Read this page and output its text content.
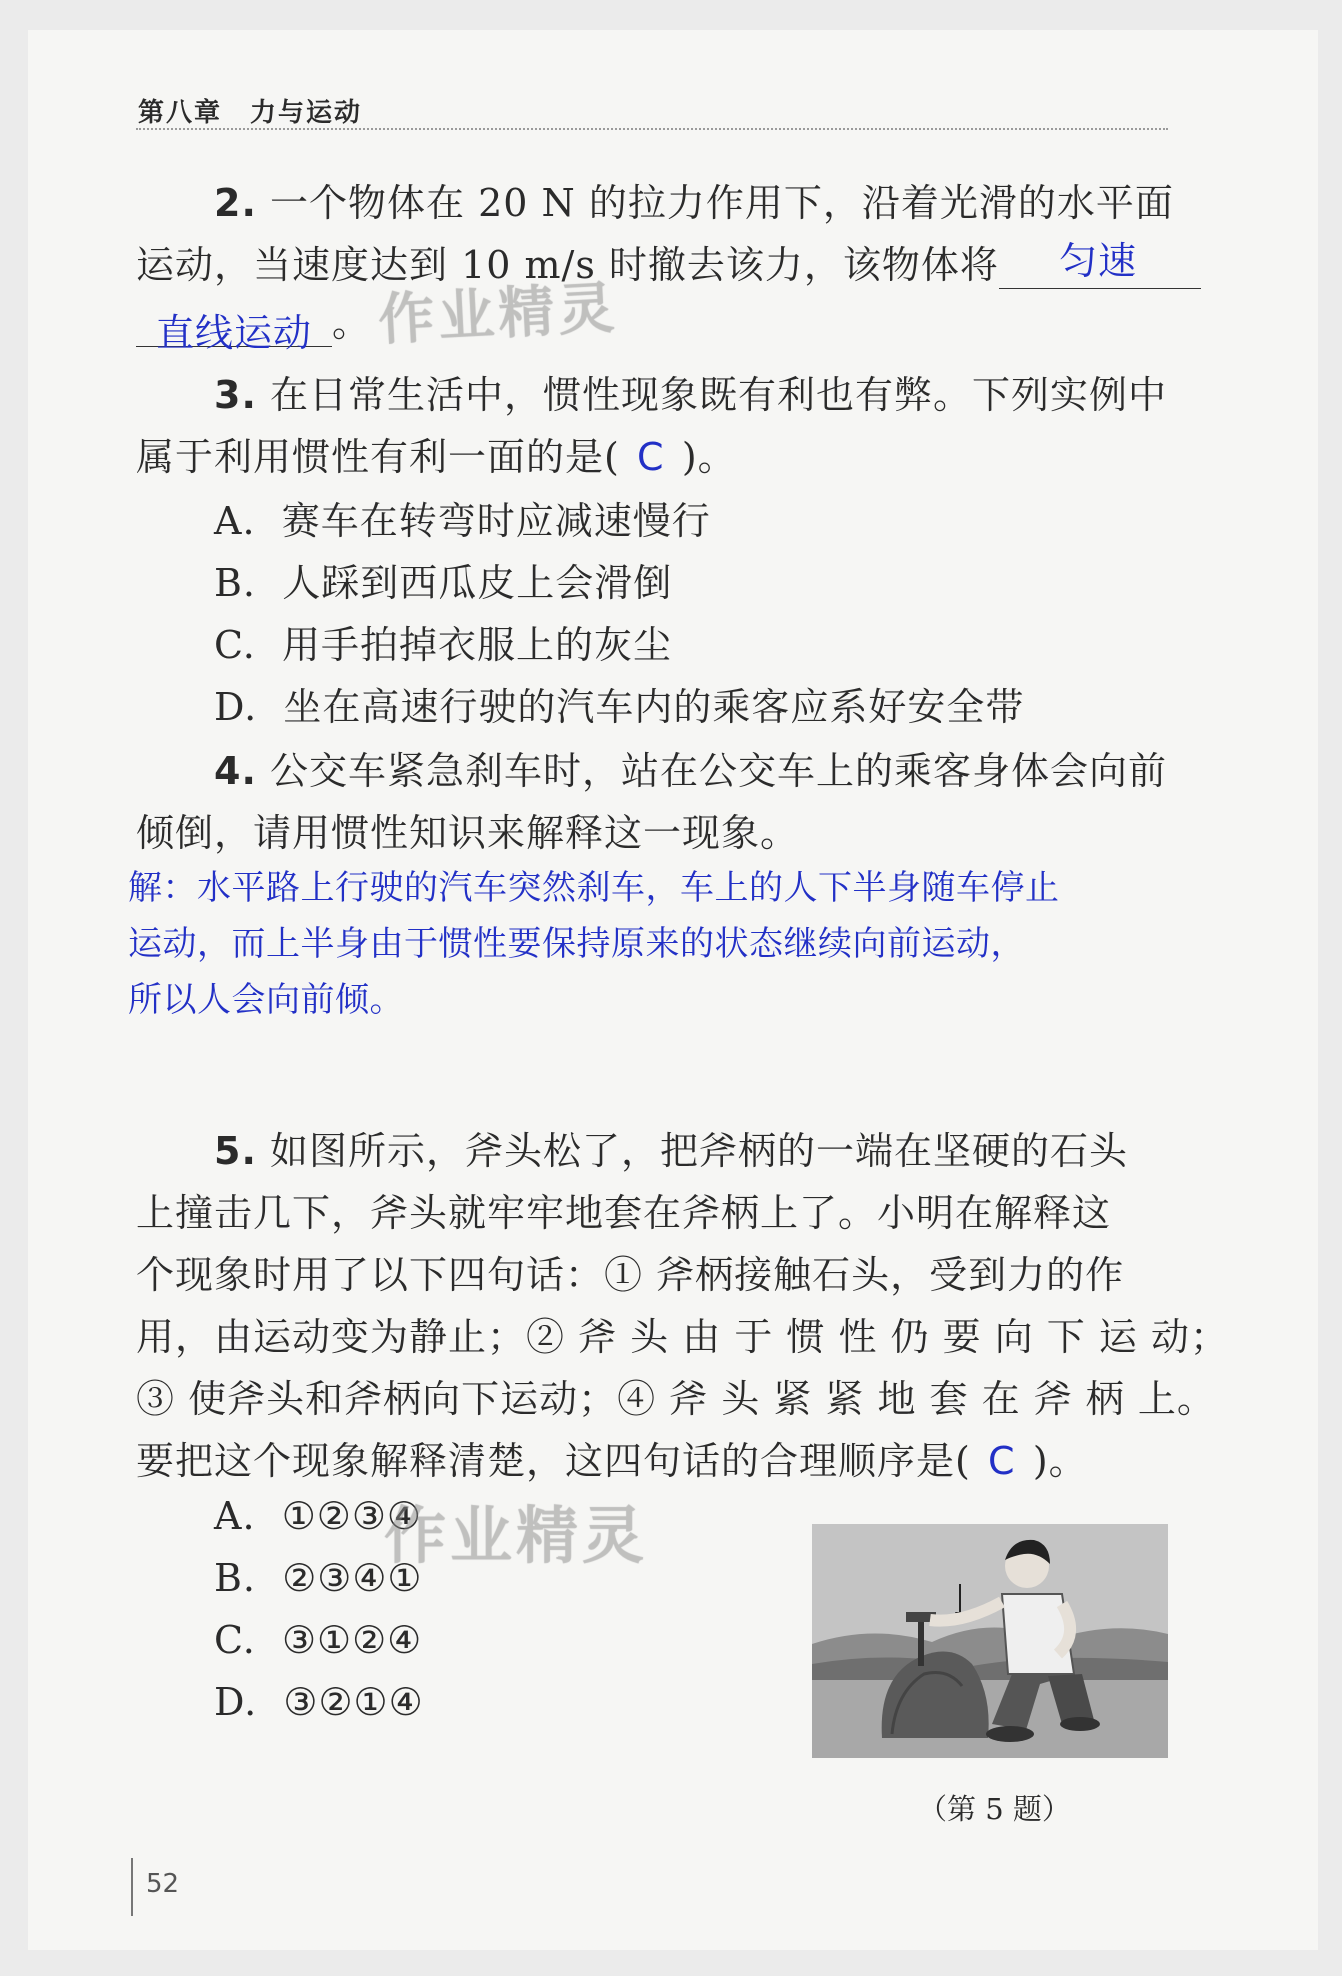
第八章 力与运动
2. 一个物体在 20 N 的拉力作用下，沿着光滑的水平面
运动，当速度达到 10 m/s 时撤去该力，该物体将 匀速
直线运动 。
3. 在日常生活中，惯性现象既有利也有弊。下列实例中
属于利用惯性有利一面的是( C )。
A. 赛车在转弯时应减速慢行
B. 人踩到西瓜皮上会滑倒
C. 用手拍掉衣服上的灰尘
D. 坐在高速行驶的汽车内的乘客应系好安全带
4. 公交车紧急刹车时，站在公交车上的乘客身体会向前
倾倒，请用惯性知识来解释这一现象。
解：水平路上行驶的汽车突然刹车，车上的人下半身随车停止
运动，而上半身由于惯性要保持原来的状态继续向前运动，
所以人会向前倾。
5. 如图所示，斧头松了，把斧柄的一端在坚硬的石头
上撞击几下，斧头就牢牢地套在斧柄上了。小明在解释这
个现象时用了以下四句话：① 斧柄接触石头，受到力的作
用，由运动变为静止；② 斧 头 由 于 惯 性 仍 要 向 下 运 动；
③ 使斧头和斧柄向下运动；④ 斧 头 紧 紧 地 套 在 斧 柄 上。
要把这个现象解释清楚，这四句话的合理顺序是( C )。
A. ①②③④
B. ②③④①
C. ③①②④
D. ③②①④
（第 5 题）
作业精灵
作业精灵
52
